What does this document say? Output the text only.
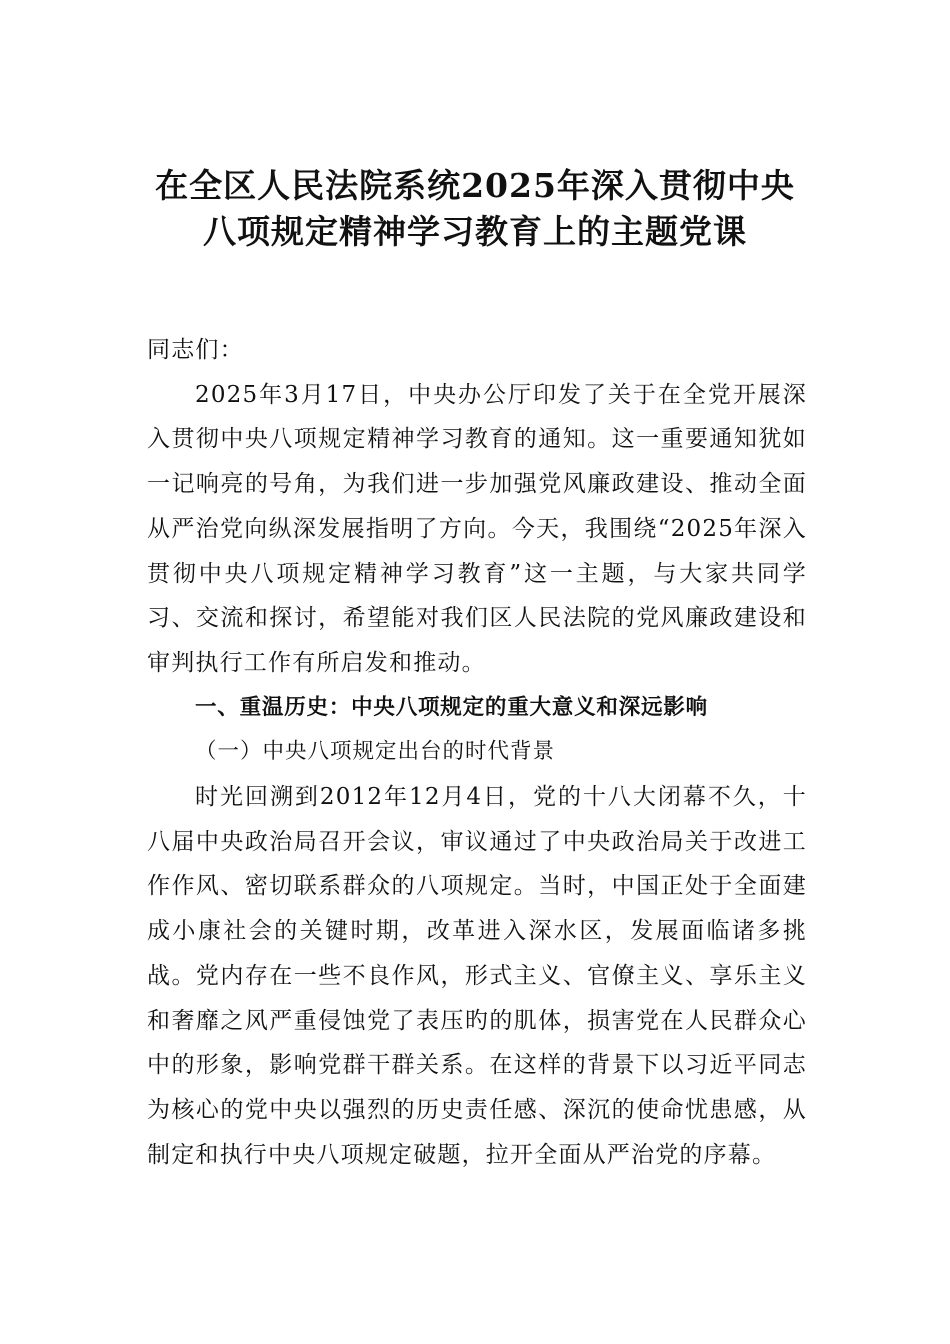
在全区人民法院系统2025年深入贯彻中央
八项规定精神学习教育上的主题党课

同志们：

2025年3月17日，中央办公厅印发了关于在全党开展深入贯彻中央八项规定精神学习教育的通知。这一重要通知犹如一记响亮的号角，为我们进一步加强党风廉政建设、推动全面从严治党向纵深发展指明了方向。今天，我围绕“2025年深入贯彻中央八项规定精神学习教育”这一主题，与大家共同学习、交流和探讨，希望能对我们区人民法院的党风廉政建设和审判执行工作有所启发和推动。

一、重温历史：中央八项规定的重大意义和深远影响

（一）中央八项规定出台的时代背景

时光回溯到2012年12月4日，党的十八大闭幕不久，十八届中央政治局召开会议，审议通过了中央政治局关于改进工作作风、密切联系群众的八项规定。当时，中国正处于全面建成小康社会的关键时期，改革进入深水区，发展面临诸多挑战。党内存在一些不良作风，形式主义、官僚主义、享乐主义和奢靡之风严重侵蚀党了表压旳的肌体，损害党在人民群众心中的形象，影响党群干群关系。在这样的背景下以习近平同志为核心的党中央以强烈的历史责任感、深沉的使命忧患感，从制定和执行中央八项规定破题，拉开全面从严治党的序幕。
